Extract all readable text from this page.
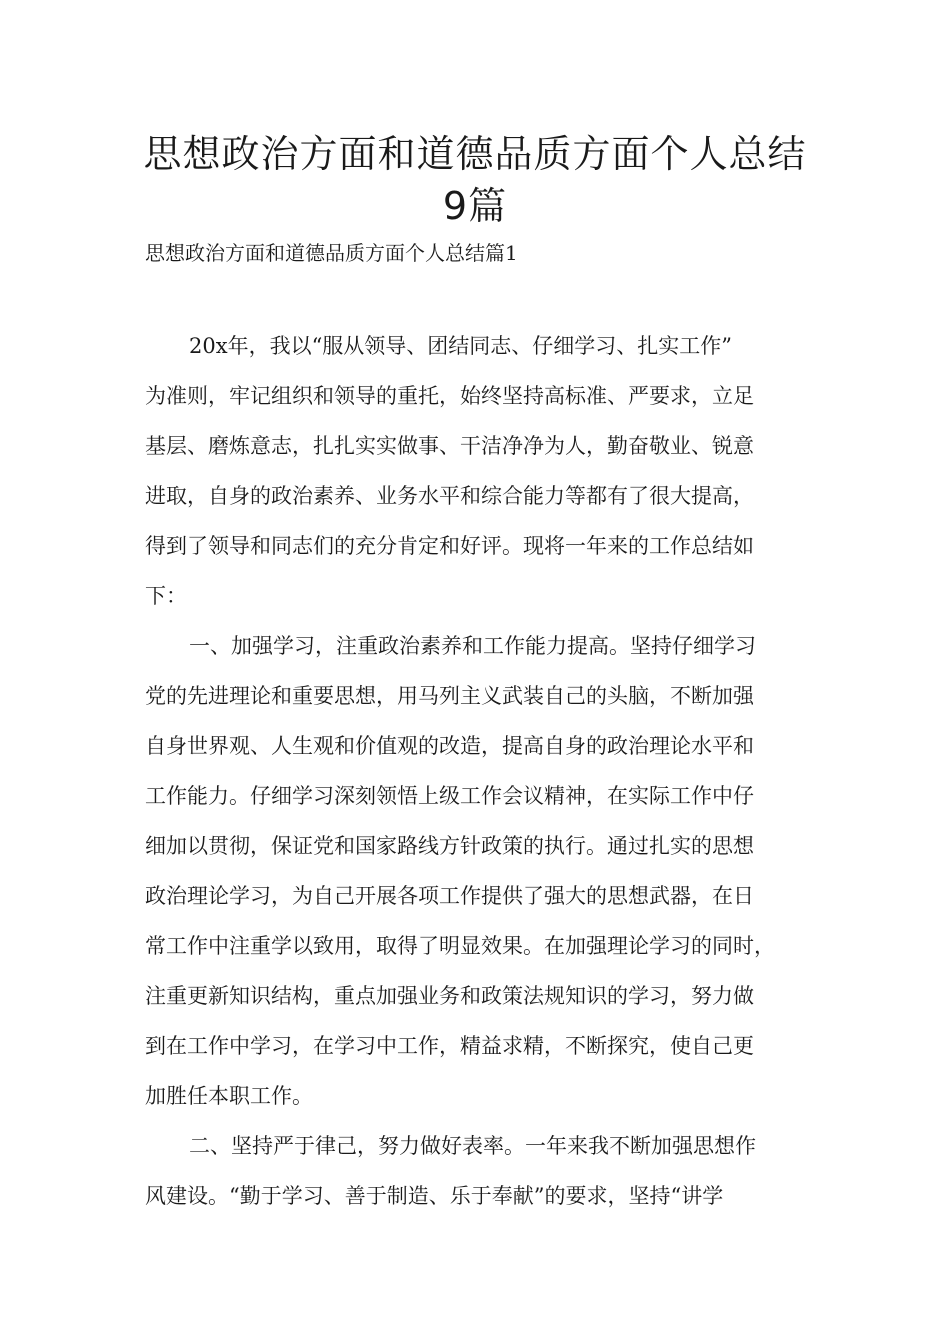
思想政治方面和道德品质方面个人总结
9篇

思想政治方面和道德品质方面个人总结篇1

20x年，我以“服从领导、团结同志、仔细学习、扎实工作”
为准则，牢记组织和领导的重托，始终坚持高标准、严要求，立足
基层、磨炼意志，扎扎实实做事、干洁净净为人，勤奋敬业、锐意
进取，自身的政治素养、业务水平和综合能力等都有了很大提高，
得到了领导和同志们的充分肯定和好评。现将一年来的工作总结如
下：
一、加强学习，注重政治素养和工作能力提高。坚持仔细学习
党的先进理论和重要思想，用马列主义武装自己的头脑，不断加强
自身世界观、人生观和价值观的改造，提高自身的政治理论水平和
工作能力。仔细学习深刻领悟上级工作会议精神，在实际工作中仔
细加以贯彻，保证党和国家路线方针政策的执行。通过扎实的思想
政治理论学习，为自己开展各项工作提供了强大的思想武器，在日
常工作中注重学以致用，取得了明显效果。在加强理论学习的同时，
注重更新知识结构，重点加强业务和政策法规知识的学习，努力做
到在工作中学习，在学习中工作，精益求精，不断探究，使自己更
加胜任本职工作。
二、坚持严于律己，努力做好表率。一年来我不断加强思想作
风建设。“勤于学习、善于制造、乐于奉献”的要求，坚持“讲学
